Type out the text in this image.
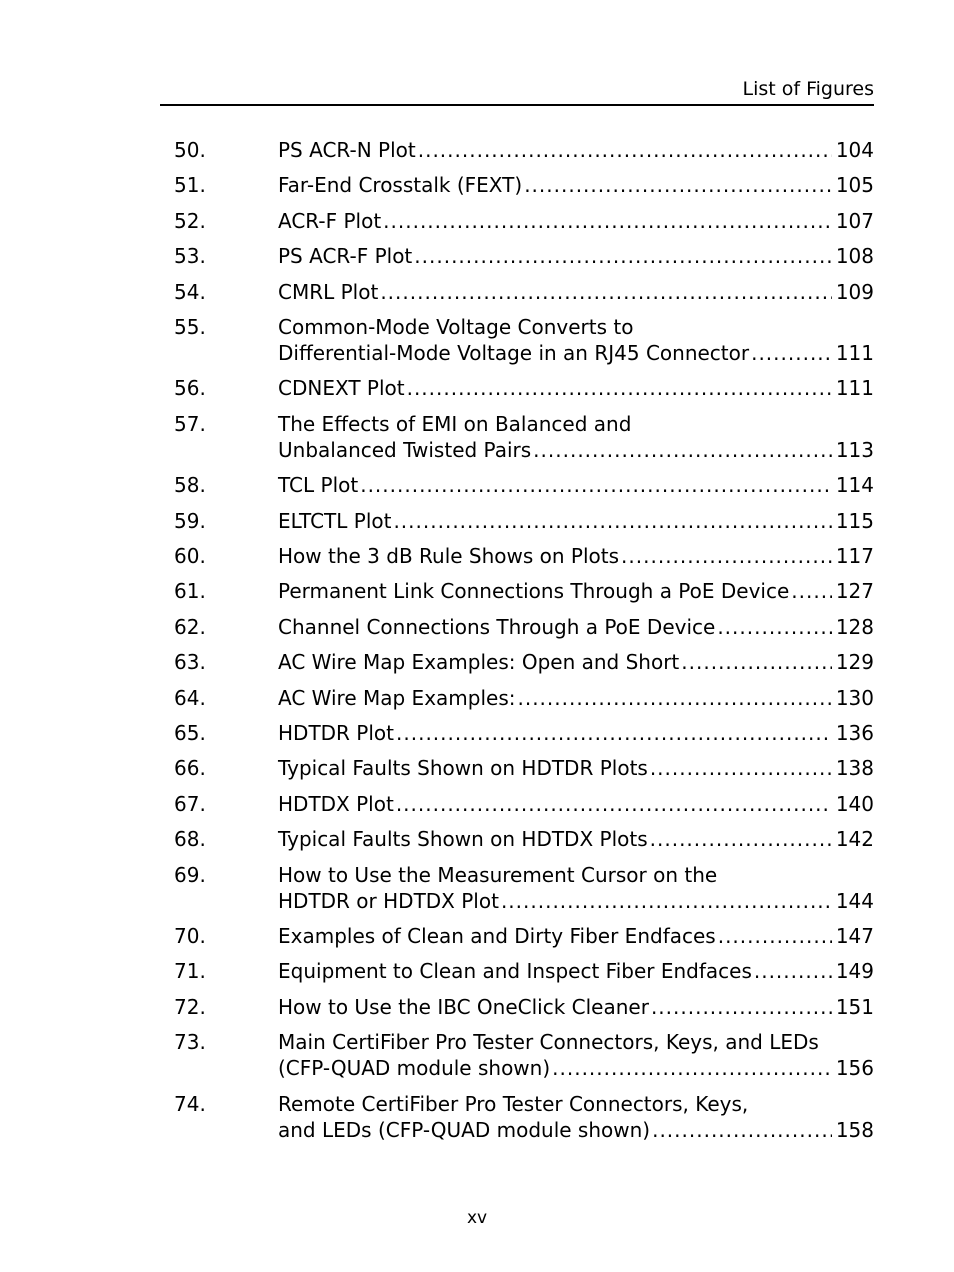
List of Figures
50.	PS ACR-N Plot .....	104
51.	Far-End Crosstalk (FEXT) .....	105
52.	ACR-F Plot .....	107
53.	PS ACR-F Plot .....	108
54.	CMRL Plot .....	109
55.	Common-Mode Voltage Converts to
Differential-Mode Voltage in an RJ45 Connector .....	111
56.	CDNEXT Plot .....	111
57.	The Effects of EMI on Balanced and
Unbalanced Twisted Pairs .....	113
58.	TCL Plot .....	114
59.	ELTCTL Plot .....	115
60.	How the 3 dB Rule Shows on Plots .....	117
61.	Permanent Link Connections Through a PoE Device ..... 127
62.	Channel Connections Through a PoE Device .....	128
63.	AC Wire Map Examples: Open and Short .....	129
64.	AC Wire Map Examples: .....	130
65.	HDTDR Plot .....	136
66.	Typical Faults Shown on HDTDR Plots .....	138
67.	HDTDX Plot .....	140
68.	Typical Faults Shown on HDTDX Plots .....	142
69.	How to Use the Measurement Cursor on the
HDTDR or HDTDX Plot .....	144
70.	Examples of Clean and Dirty Fiber Endfaces .....	147
71.	Equipment to Clean and Inspect Fiber Endfaces .....	149
72.	How to Use the IBC OneClick Cleaner .....	151
73.	Main CertiFiber Pro Tester Connectors, Keys, and LEDs
(CFP-QUAD module shown) .....	156
74.	Remote CertiFiber Pro Tester Connectors, Keys,
and LEDs (CFP-QUAD module shown) .....	158
xv
